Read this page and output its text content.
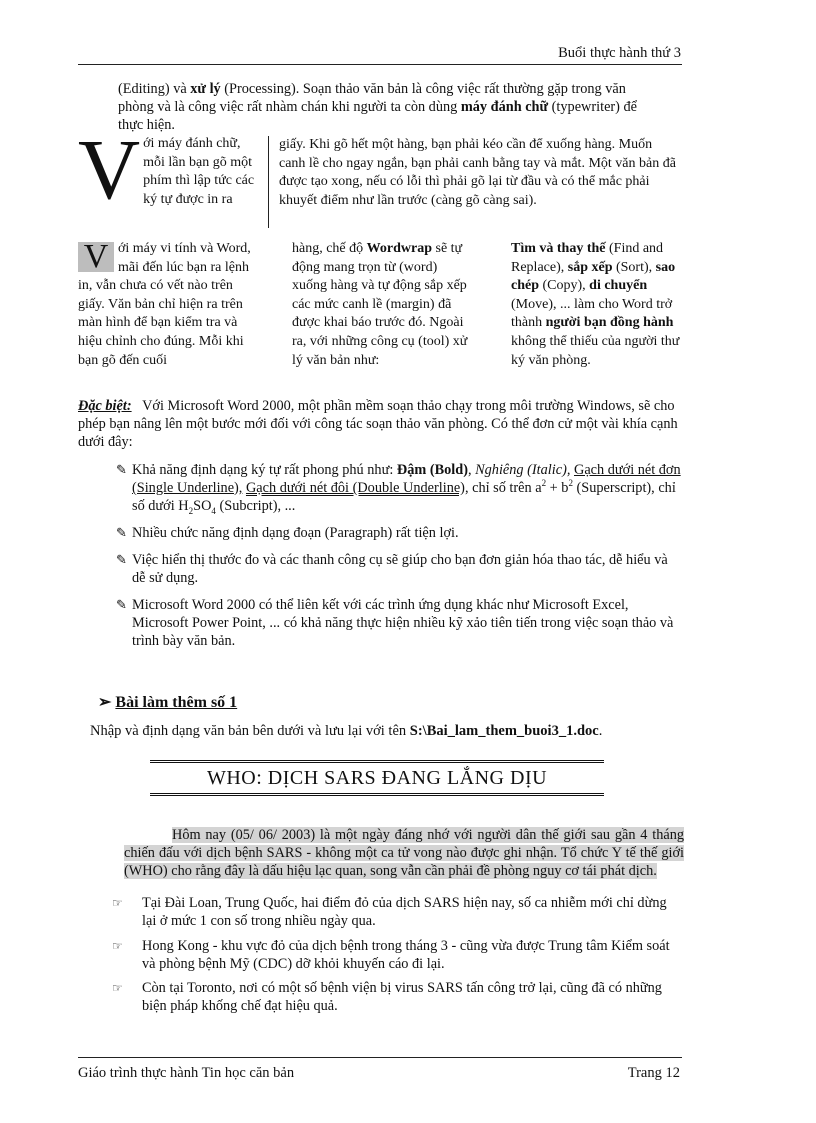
Buổi thực hành thứ 3
(Editing) và xử lý (Processing). Soạn thảo văn bản là công việc rất thường gặp trong văn phòng và là công việc rất nhàm chán khi người ta còn dùng máy đánh chữ (typewriter) để thực hiện.
V ới máy đánh chữ, mỗi lần bạn gõ một phím thì lập tức các ký tự được in ra
giấy. Khi gõ hết một hàng, bạn phải kéo cần để xuống hàng. Muốn canh lề cho ngay ngắn, bạn phải canh bằng tay và mắt. Một văn bản đã được tạo xong, nếu có lỗi thì phải gõ lại từ đầu và có thể mắc phải khuyết điểm như lần trước (càng gõ càng sai).
V ới máy vi tính và Word, mãi đến lúc bạn ra lệnh in, vẫn chưa có vết nào trên giấy. Văn bản chỉ hiện ra trên màn hình để bạn kiểm tra và hiệu chỉnh cho đúng. Mỗi khi bạn gõ đến cuối
hàng, chế độ Wordwrap sẽ tự động mang trọn từ (word) xuống hàng và tự động sắp xếp các mức canh lề (margin) đã được khai báo trước đó. Ngoài ra, với những công cụ (tool) xử lý văn bản như:
Tìm và thay thế (Find and Replace), sắp xếp (Sort), sao chép (Copy), di chuyển (Move), ... làm cho Word trở thành người bạn đồng hành không thể thiếu của người thư ký văn phòng.
Đặc biệt: Với Microsoft Word 2000, một phần mềm soạn thảo chạy trong môi trường Windows, sẽ cho phép bạn nâng lên một bước mới đối với công tác soạn thảo văn phòng. Có thể đơn cử một vài khía cạnh dưới đây:
✎ Khả năng định dạng ký tự rất phong phú như: Đậm (Bold), Nghiêng (Italic), Gạch dưới nét đơn (Single Underline), Gạch dưới nét đôi (Double Underline), chỉ số trên $a^2 + b^2$ (Superscript), chỉ số dưới $H_2SO_4$ (Subcript), ...

✎ Nhiều chức năng định dạng đoạn (Paragraph) rất tiện lợi.

✎ Việc hiển thị thước đo và các thanh công cụ sẽ giúp cho bạn đơn giản hóa thao tác, dễ hiểu và dễ sử dụng.

✎ Microsoft Word 2000 có thể liên kết với các trình ứng dụng khác như Microsoft Excel, Microsoft Power Point, ... có khả năng thực hiện nhiều kỹ xảo tiên tiến trong việc soạn thảo và trình bày văn bản.

➢ Bài làm thêm số 1
Nhập và định dạng văn bản bên dưới và lưu lại với tên S:\Bai_lam_them_buoi3_1.doc.
WHO: DỊCH SARS ĐANG LẮNG DỊU

Hôm nay (05/ 06/ 2003) là một ngày đáng nhớ với người dân thế giới sau gần 4 tháng chiến đấu với dịch bệnh SARS - không một ca tử vong nào được ghi nhận. Tổ chức Y tế thế giới (WHO) cho rằng đây là dấu hiệu lạc quan, song vẫn cần phải đề phòng nguy cơ tái phát dịch.

☞ Tại Đài Loan, Trung Quốc, hai điểm đỏ của dịch SARS hiện nay, số ca nhiễm mới chỉ dừng lại ở mức 1 con số trong nhiều ngày qua.

☞ Hong Kong - khu vực đỏ của dịch bệnh trong tháng 3 - cũng vừa được Trung tâm Kiểm soát và phòng bệnh Mỹ (CDC) dỡ khỏi khuyến cáo đi lại.

☞ Còn tại Toronto, nơi có một số bệnh viện bị virus SARS tấn công trở lại, cũng đã có những biện pháp khống chế đạt hiệu quả.

Giáo trình thực hành Tin học căn bản	Trang 12
